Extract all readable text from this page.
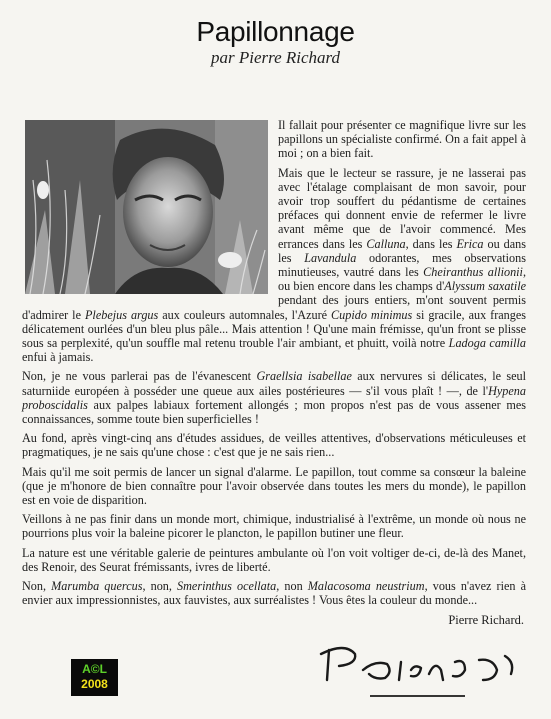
Papillonnage
par Pierre Richard

Il fallait pour présenter ce magnifique livre sur les papillons un spécialiste confirmé. On a fait appel à moi ; on a bien fait.

Mais que le lecteur se rassure, je ne lasserai pas avec l'étalage complaisant de mon savoir, pour avoir trop souffert du pédantisme de certaines préfaces qui donnent envie de refermer le livre avant même que de l'avoir commencé. Mes errances dans les Calluna, dans les Erica ou dans les Lavandula odorantes, mes observations minutieuses, vautré dans les Cheiranthus allionii, ou bien encore dans les champs d'Alyssum saxatile pendant des jours entiers, m'ont souvent permis d'admirer le Plebejus argus aux couleurs automnales, l'Azuré Cupido minimus si gracile, aux franges délicatement ourlées d'un bleu plus pâle... Mais attention ! Qu'une main frémisse, qu'un front se plisse sous sa perplexité, qu'un souffle mal retenu trouble l'air ambiant, et phuitt, voilà notre Ladoga camilla enfui à jamais.

Non, je ne vous parlerai pas de l'évanescent Graellsia isabellae aux nervures si délicates, le seul saturniide européen à posséder une queue aux ailes postérieures — s'il vous plaît ! —, de l'Hypena proboscidalis aux palpes labiaux fortement allongés ; mon propos n'est pas de vous assener mes connaissances, somme toute bien superficielles !

Au fond, après vingt-cinq ans d'études assidues, de veilles attentives, d'observations méticuleuses et pragmatiques, je ne sais qu'une chose : c'est que je ne sais rien...

Mais qu'il me soit permis de lancer un signal d'alarme. Le papillon, tout comme sa consœur la baleine (que je m'honore de bien connaître pour l'avoir observée dans toutes les mers du monde), le papillon est en voie de disparition.

Veillons à ne pas finir dans un monde mort, chimique, industrialisé à l'extrême, un monde où nous ne pourrions plus voir la baleine picorer le plancton, le papillon butiner une fleur.

La nature est une véritable galerie de peintures ambulante où l'on voit voltiger de-ci, de-là des Manet, des Renoir, des Seurat frémissants, ivres de liberté.

Non, Marumba quercus, non, Smerinthus ocellata, non Malacosoma neustrium, vous n'avez rien à envier aux impressionnistes, aux fauvistes, aux surréalistes ! Vous êtes la couleur du monde...

Pierre Richard.
A©L
2008
